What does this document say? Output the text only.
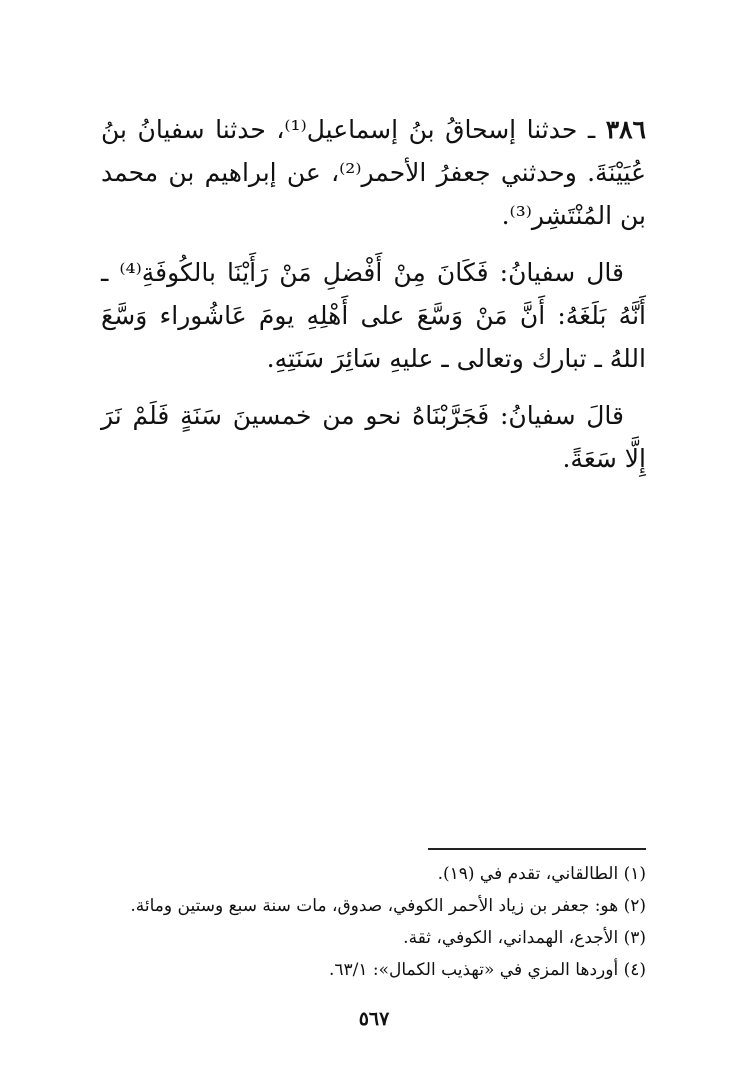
٣٨٦ ـ حدثنا إسحاقُ بنُ إسماعيل⁽¹⁾، حدثنا سفيانُ بنُ عُيَيْنَةَ. وحدثني جعفرُ الأحمر⁽²⁾، عن إبراهيم بن محمد بن المُنْتَشِر⁽³⁾.

قال سفيانُ: فَكَانَ مِنْ أَفْضلِ مَنْ رَأَيْنَا بالكُوفَةِ⁽⁴⁾ ـ أَنَّهُ بَلَغَهُ: أَنَّ مَنْ وَسَّعَ على أَهْلِهِ يومَ عَاشُوراء وَسَّعَ اللهُ ـ تبارك وتعالى ـ عليهِ سَائِرَ سَنَتِهِ.

قالَ سفيانُ: فَجَرَّبْنَاهُ نحو من خمسينَ سَنَةٍ فَلَمْ نَرَ إِلَّا سَعَةً.

(١) الطالقاني، تقدم في (١٩).

(٢) هو: جعفر بن زياد الأحمر الكوفي، صدوق، مات سنة سبع وستين ومائة.

(٣) الأجدع، الهمداني، الكوفي، ثقة.

(٤) أوردها المزي في «تهذيب الكمال»: ٦٣/١.

٥٦٧
